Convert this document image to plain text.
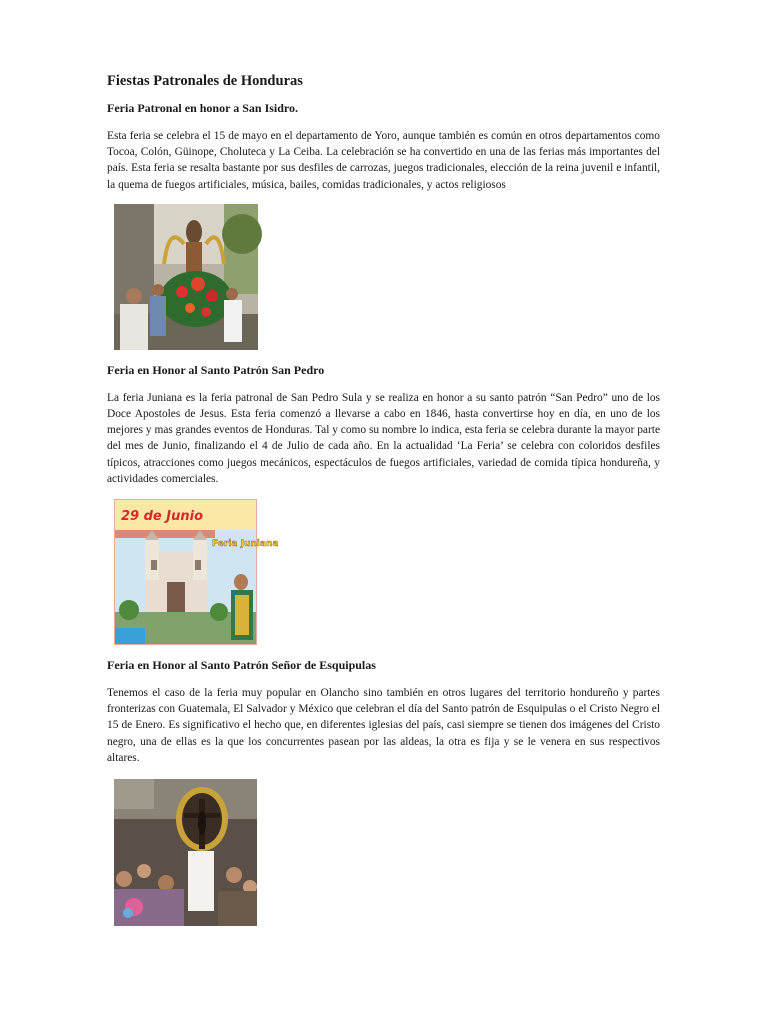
Fiestas Patronales de Honduras
Feria Patronal en honor a San Isidro.

Esta feria se celebra el 15 de mayo en el departamento de Yoro, aunque también es común en otros departamentos como Tocoa, Colón, Güinope, Choluteca y La Ceiba. La celebración se ha convertido en una de las ferias más importantes del país. Esta feria se resalta bastante por sus desfiles de carrozas, juegos tradicionales, elección de la reina juvenil e infantil, la quema de fuegos artificiales, música, bailes, comidas tradicionales, y actos religiosos

Feria en Honor al Santo Patrón San Pedro

La feria Juniana es la feria patronal de San Pedro Sula y se realiza en honor a su santo patrón “San Pedro” uno de los Doce Apostoles de Jesus. Esta feria comenzó a llevarse a cabo en 1846, hasta convertirse hoy en día, en uno de los mejores y mas grandes eventos de Honduras. Tal y como su nombre lo indica, esta feria se celebra durante la mayor parte del mes de Junio, finalizando el 4 de Julio de cada año. En la actualidad ‘La Feria’ se celebra con coloridos desfiles típicos, atracciones como juegos mecánicos, espectáculos de fuegos artificiales, variedad de comida típica hondureña, y actividades comerciales.

29 de Junio
Feria Juniana
Feria en Honor al Santo Patrón Señor de Esquipulas

Tenemos el caso de la feria muy popular en Olancho sino también en otros lugares del territorio hondureño y partes fronterizas con Guatemala, El Salvador y México que celebran el día del Santo patrón de Esquipulas o el Cristo Negro el 15 de Enero. Es significativo el hecho que, en diferentes iglesias del país, casi siempre se tienen dos imágenes del Cristo negro, una de ellas es la que los concurrentes pasean por las aldeas, la otra es fija y se le venera en sus respectivos altares.
